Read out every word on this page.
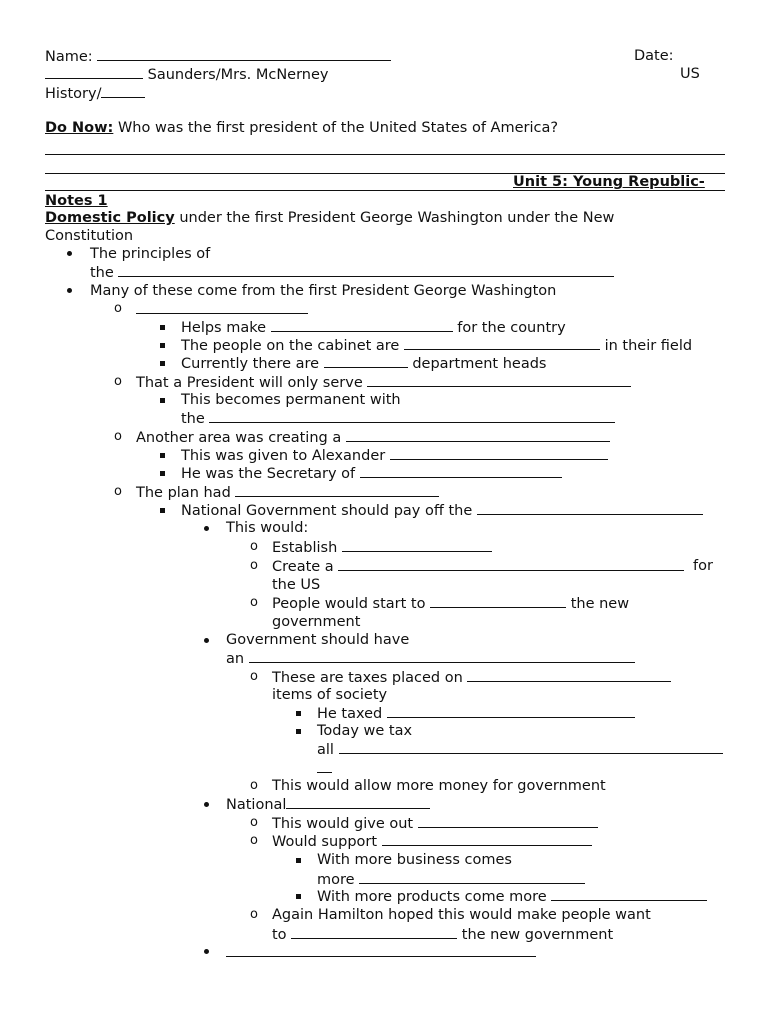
Name:	Date:
Saunders/Mrs. McNerney	US
History/
Do Now: Who was the first president of the United States of America?
Unit 5: Young Republic-
Notes 1
Domestic Policy under the first President George Washington under the New
Constitution
The principles of
the
Many of these come from the first President George Washington
o
Helps make	for the country
The people on the cabinet are	in their field
Currently there are	department heads
o That a President will only serve
This becomes permanent with
the
o Another area was creating a
This was given to Alexander
He was the Secretary of
o The plan had
National Government should pay off the
This would:
o Establish
o Create a	for
the US
o People would start to	the new
government
Government should have
an
o These are taxes placed on
items of society
He taxed
Today we tax
all
o This would allow more money for government
National
o This would give out
o Would support
With more business comes
more
With more products come more
o Again Hamilton hoped this would make people want
to	the new government
